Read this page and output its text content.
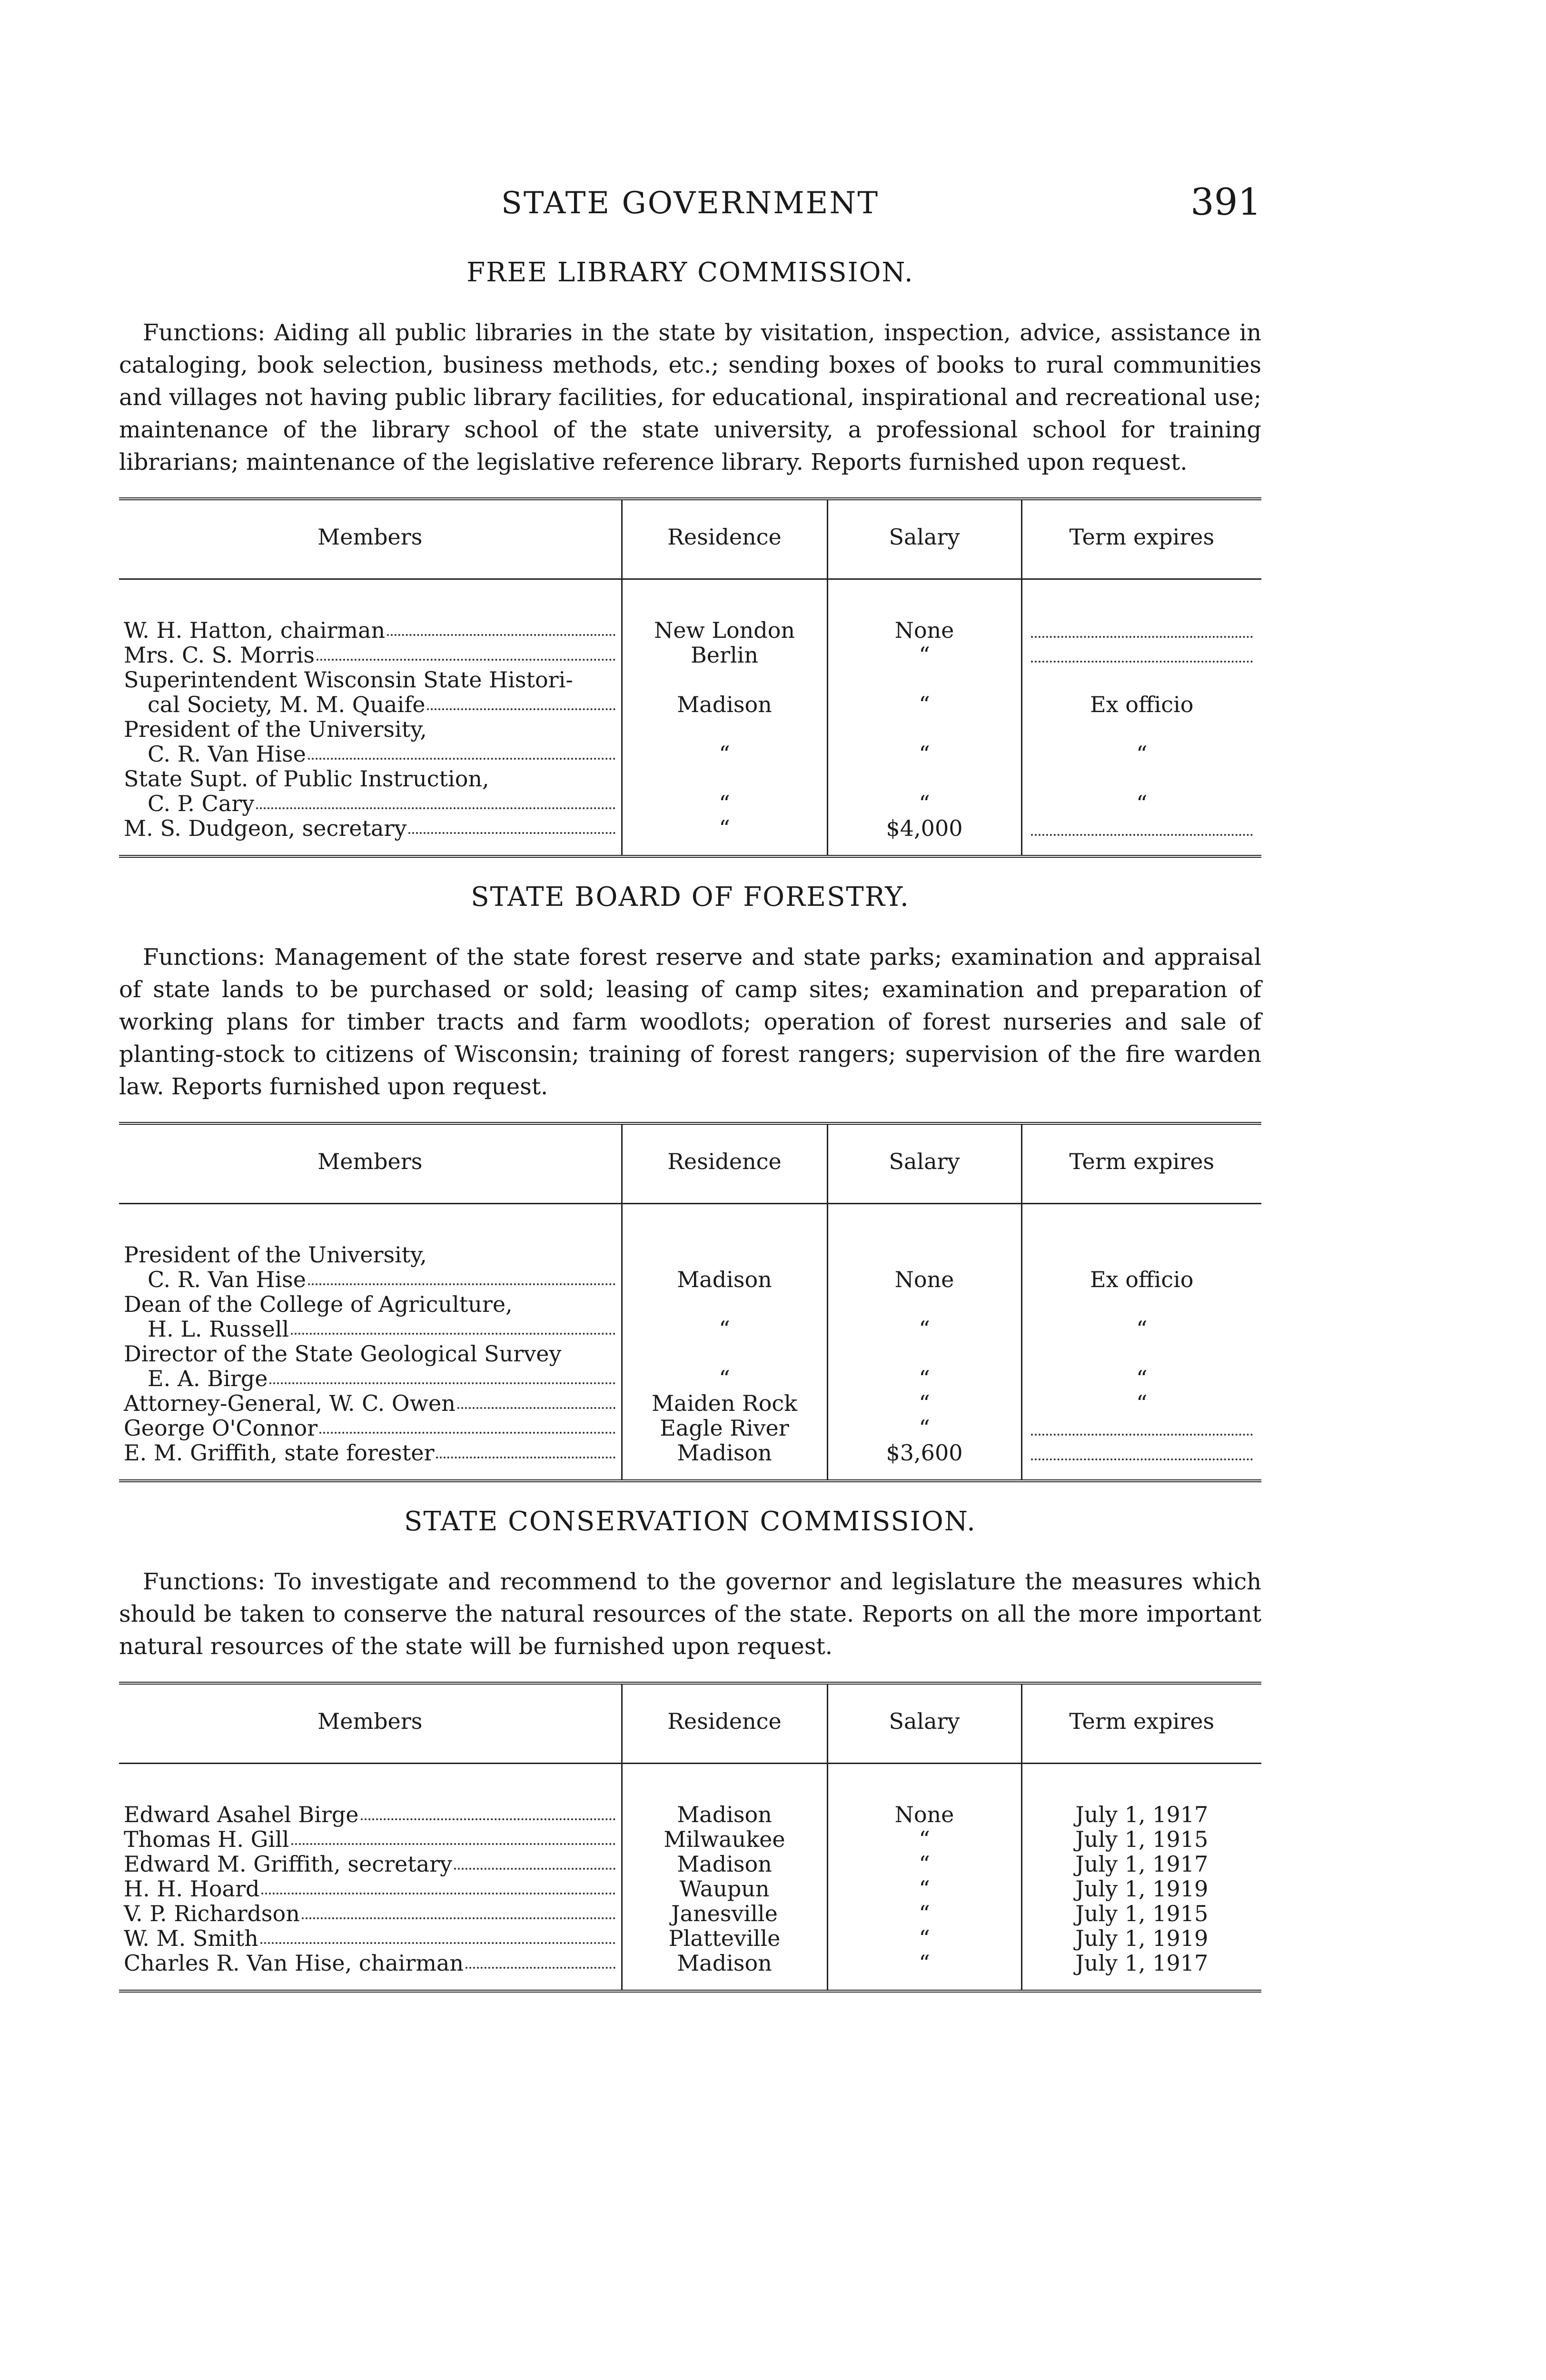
STATE GOVERNMENT	391
FREE LIBRARY COMMISSION.

Functions: Aiding all public libraries in the state by visitation, inspection, advice, assistance in cataloging, book selection, business methods, etc.; sending boxes of books to rural communities and villages not having public library facilities, for educational, inspirational and recreational use; maintenance of the library school of the state university, a professional school for training librarians; maintenance of the legislative reference library. Reports furnished upon request.

Members	Residence	Salary	Term expires

W. H. Hatton, chairman	New London	None	

Mrs. C. S. Morris	Berlin	“	

Superintendent Wisconsin State Histori-
cal Society, M. M. Quaife	Madison	“	Ex officio

President of the University,
C. R. Van Hise	“	“	“

State Supt. of Public Instruction,
C. P. Cary	“	“	“

M. S. Dudgeon, secretary	“	$4,000	

STATE BOARD OF FORESTRY.

Functions: Management of the state forest reserve and state parks; examination and appraisal of state lands to be purchased or sold; leasing of camp sites; examination and preparation of working plans for timber tracts and farm woodlots; operation of forest nurseries and sale of planting-stock to citizens of Wisconsin; training of forest rangers; supervision of the fire warden law. Reports furnished upon request.

Members	Residence	Salary	Term expires

President of the University,
C. R. Van Hise	Madison	None	Ex officio

Dean of the College of Agriculture,
H. L. Russell	“	“	“

Director of the State Geological Survey
E. A. Birge	“	“	“

Attorney-General, W. C. Owen	Maiden Rock	“	“

George O'Connor	Eagle River	“	

E. M. Griffith, state forester	Madison	$3,600	

STATE CONSERVATION COMMISSION.

Functions: To investigate and recommend to the governor and legislature the measures which should be taken to conserve the natural resources of the state. Reports on all the more important natural resources of the state will be furnished upon request.

Members	Residence	Salary	Term expires

Edward Asahel Birge	Madison	None	July 1, 1917

Thomas H. Gill	Milwaukee	“	July 1, 1915

Edward M. Griffith, secretary	Madison	“	July 1, 1917

H. H. Hoard	Waupun	“	July 1, 1919

V. P. Richardson	Janesville	“	July 1, 1915

W. M. Smith	Platteville	“	July 1, 1919

Charles R. Van Hise, chairman	Madison	“	July 1, 1917
